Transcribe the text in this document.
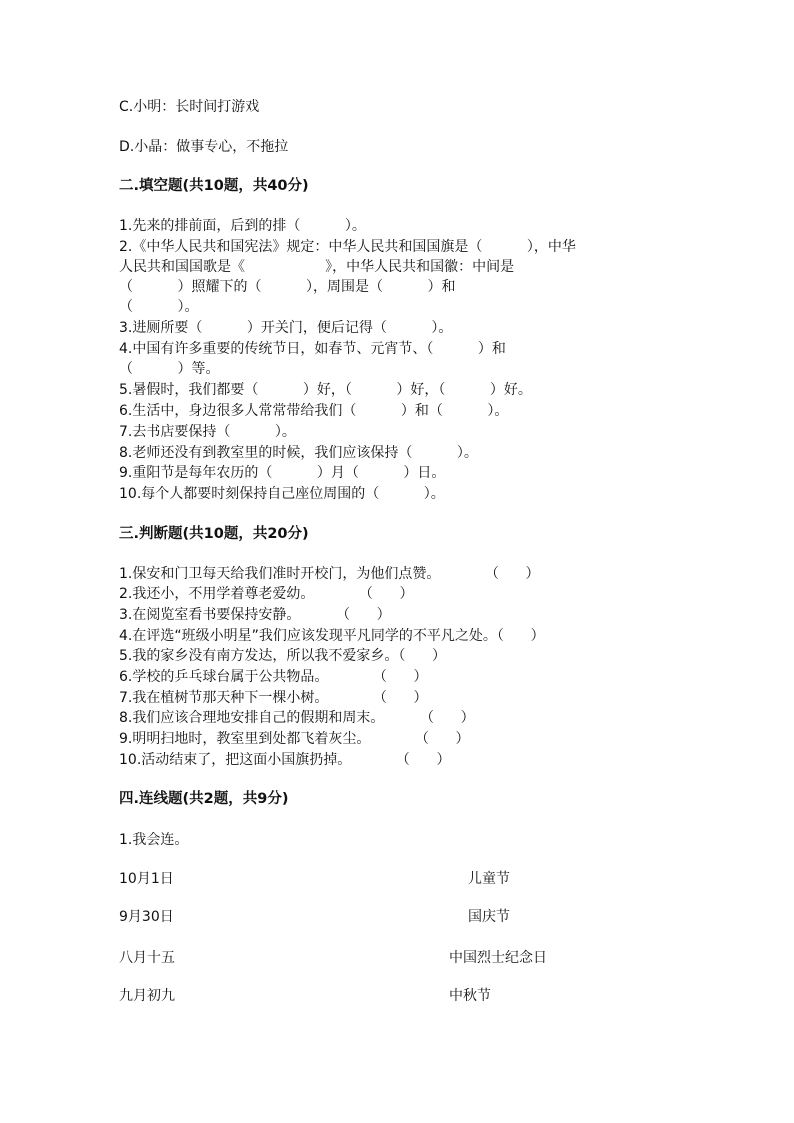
C.小明：长时间打游戏
D.小晶：做事专心，不拖拉
二.填空题(共10题，共40分)
1.先来的排前面，后到的排（          ）。
2.《中华人民共和国宪法》规定：中华人民共和国国旗是（          ），中华
人民共和国国歌是《                  》，中华人民共和国徽：中间是
（          ）照耀下的（          ），周围是（          ）和
（          ）。
3.进厕所要（          ）开关门，便后记得（          ）。
4.中国有许多重要的传统节日，如春节、元宵节、（          ）和
（          ）等。
5.暑假时，我们都要（          ）好，（          ）好，（          ）好。
6.生活中，身边很多人常常带给我们（          ）和（          ）。
7.去书店要保持（          ）。
8.老师还没有到教室里的时候，我们应该保持（          ）。
9.重阳节是每年农历的（          ）月（          ）日。
10.每个人都要时刻保持自己座位周围的（          ）。
三.判断题(共10题，共20分)
1.保安和门卫每天给我们准时开校门，为他们点赞。          （      ）
2.我还小，不用学着尊老爱幼。          （      ）
3.在阅览室看书要保持安静。        （      ）
4.在评选“班级小明星”我们应该发现平凡同学的不平凡之处。（      ）
5.我的家乡没有南方发达，所以我不爱家乡。（      ）
6.学校的乒乓球台属于公共物品。          （      ）
7.我在植树节那天种下一棵小树。          （      ）
8.我们应该合理地安排自己的假期和周末。        （      ）
9.明明扫地时，教室里到处都飞着灰尘。          （      ）
10.活动结束了，把这面小国旗扔掉。          （      ）
四.连线题(共2题，共9分)
1.我会连。
10月1日	儿童节
9月30日	国庆节
八月十五	中国烈士纪念日
九月初九	中秋节
